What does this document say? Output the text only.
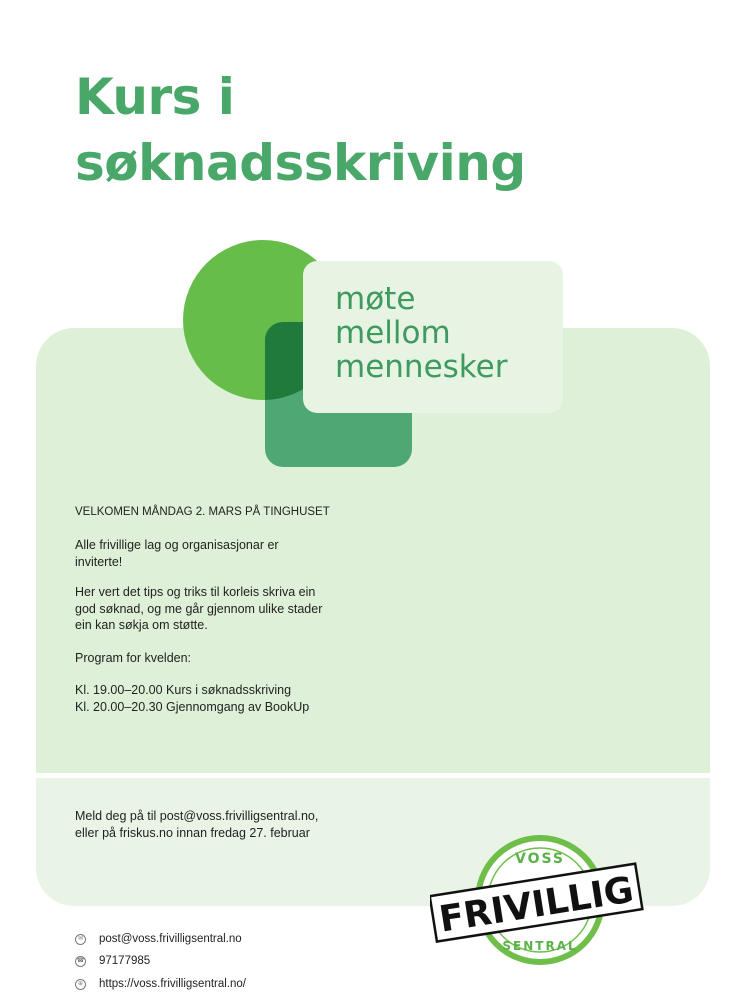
Kurs i
søknadsskriving

møte

mellom

mennesker

VELKOMEN MÅNDAG 2. MARS PÅ TINGHUSET

Alle frivillige lag og organisasjonar er

inviterte!

Her vert det tips og triks til korleis skriva ein

god søknad, og me går gjennom ulike stader

ein kan søkja om støtte.

Program for kvelden:

Kl. 19.00–20.00 Kurs i søknadsskriving

Kl. 20.00–20.30 Gjennomgang av BookUp

Meld deg på til post@voss.frivilligsentral.no,

eller på friskus.no innan fredag 27. februar

VOSS
FRIVILLIG
SENTRAL
✉ post@voss.frivilligsentral.no
☎ 97177985
⊕ https://voss.frivilligsentral.no/
